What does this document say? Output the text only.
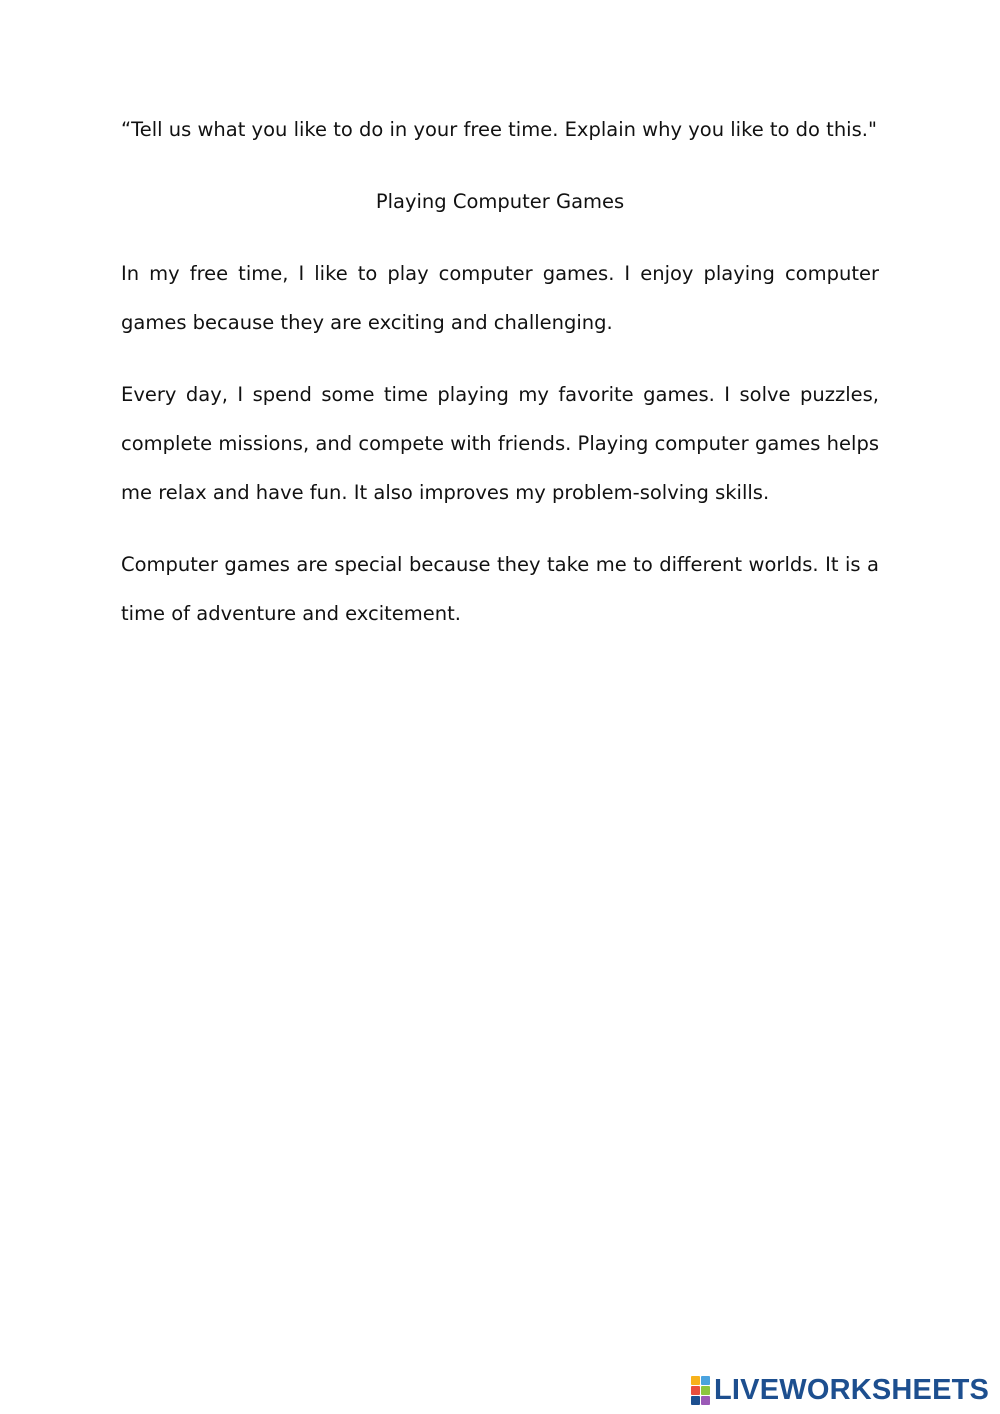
“Tell us what you like to do in your free time. Explain why you like to do this."

Playing Computer Games

In my free time, I like to play computer games. I enjoy playing computer games because they are exciting and challenging.

Every day, I spend some time playing my favorite games. I solve puzzles, complete missions, and compete with friends. Playing computer games helps me relax and have fun. It also improves my problem-solving skills.

Computer games are special because they take me to different worlds. It is a time of adventure and excitement.

LIVEWORKSHEETS
